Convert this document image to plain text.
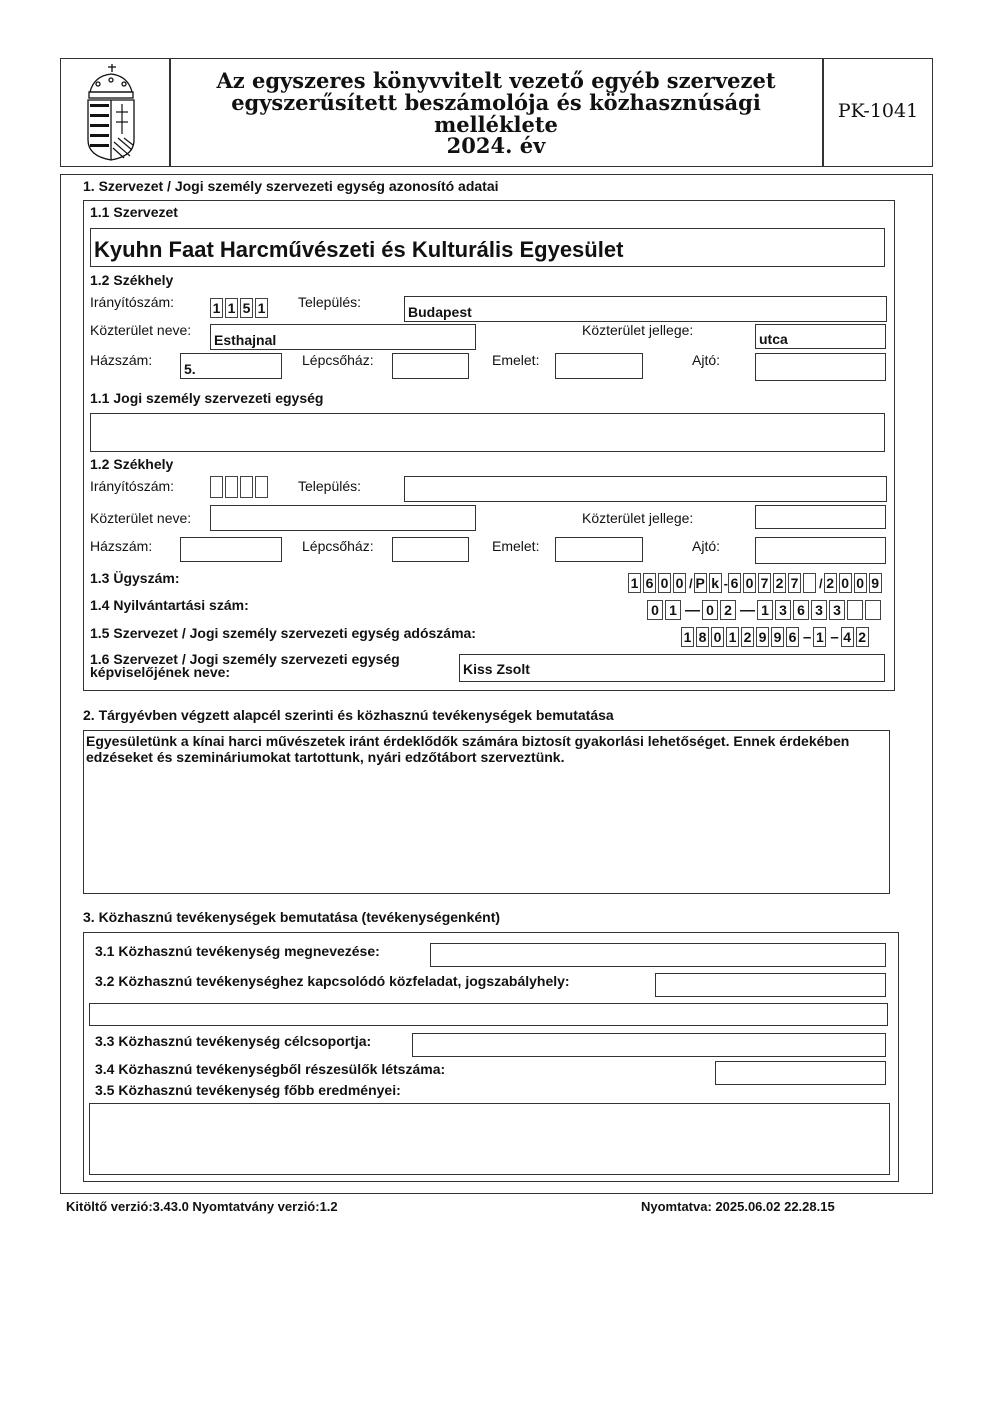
Az egyszeres könyvvitelt vezető egyéb szervezet
egyszerűsített beszámolója és közhasznúsági melléklete
2024. év
PK-1041
1. Szervezet / Jogi személy szervezeti egység azonosító adatai
1.1 Szervezet
Kyuhn Faat Harcművészeti és Kulturális Egyesület
1.2 Székhely
Irányítószám:	1 1 5 1 Település:
Budapest
Közterület neve:
Esthajnal
Közterület jellege:
utca
Házszám:
5.
Lépcsőház:	Emelet:	Ajtó:
1.1 Jogi személy szervezeti egység
1.2 Székhely
Irányítószám:	Település:
Közterület neve:	Közterület jellege:
Házszám:	Lépcsőház:	Emelet:	Ajtó:
1.3 Ügyszám:	1 6 0 0 / P k - 6 0 7 2 7 / 2 0 0 9
1.4 Nyilvántartási szám:	0 1 — 0 2 — 1 3 6 3 3
1.5 Szervezet / Jogi személy szervezeti egység adószáma:	1 8 0 1 2 9 9 6 – 1 – 4 2
1.6 Szervezet / Jogi személy szervezeti egység
képviselőjének neve:	Kiss Zsolt
2. Tárgyévben végzett alapcél szerinti és közhasznú tevékenységek bemutatása
Egyesületünk a kínai harci művészetek iránt érdeklődők számára biztosít gyakorlási lehetőséget. Ennek érdekében edzéseket és szemináriumokat tartottunk, nyári edzőtábort szerveztünk.
3. Közhasznú tevékenységek bemutatása (tevékenységenként)
3.1 Közhasznú tevékenység megnevezése:
3.2 Közhasznú tevékenységhez kapcsolódó közfeladat, jogszabályhely:
3.3 Közhasznú tevékenység célcsoportja:
3.4 Közhasznú tevékenységből részesülők létszáma:
3.5 Közhasznú tevékenység főbb eredményei:
Kitöltő verzió:3.43.0 Nyomtatvány verzió:1.2	Nyomtatva: 2025.06.02 22.28.15
